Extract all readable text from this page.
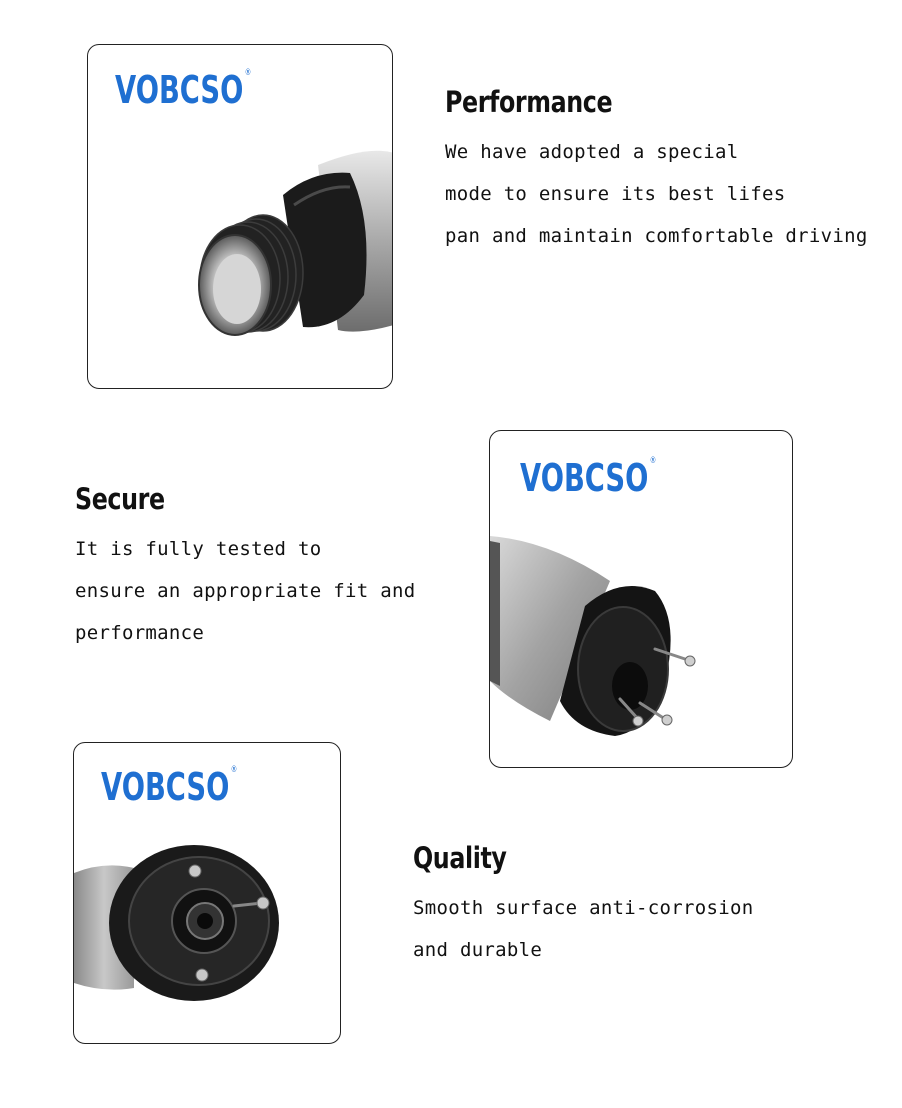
VOBCSO®
Performance
We have adopted a special
mode to ensure its best lifes
pan and maintain comfortable driving
Secure
It is fully tested to
ensure an appropriate fit and
performance
VOBCSO®
VOBCSO®
Quality
Smooth surface anti-corrosion
and durable
